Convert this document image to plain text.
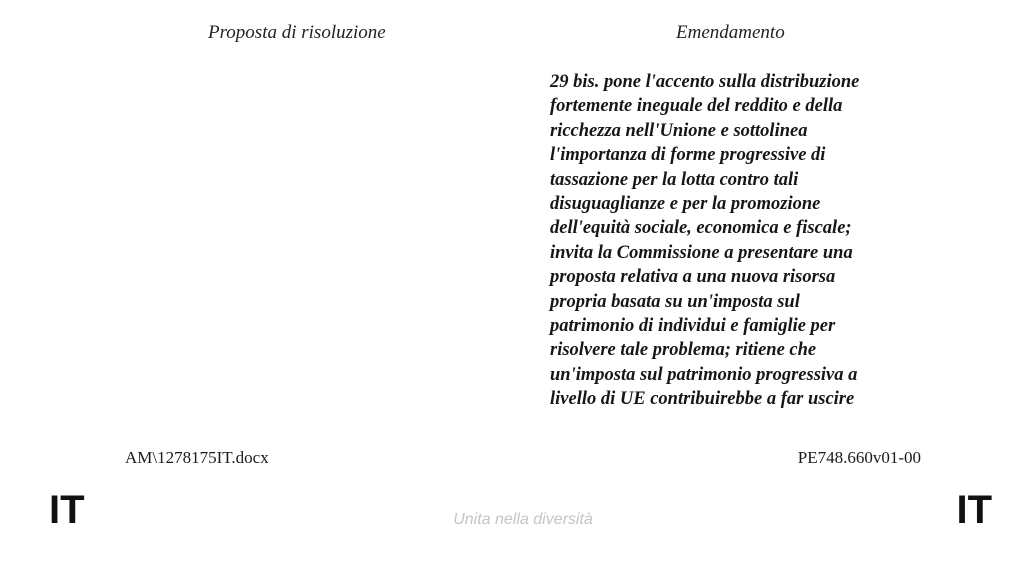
Proposta di risoluzione	Emendamento
29 bis. pone l'accento sulla distribuzione
fortemente ineguale del reddito e della
ricchezza nell'Unione e sottolinea
l'importanza di forme progressive di
tassazione per la lotta contro tali
disuguaglianze e per la promozione
dell'equità sociale, economica e fiscale;
invita la Commissione a presentare una
proposta relativa a una nuova risorsa
propria basata su un'imposta sul
patrimonio di individui e famiglie per
risolvere tale problema; ritiene che
un'imposta sul patrimonio progressiva a
livello di UE contribuirebbe a far uscire
AM\1278175IT.docx	PE748.660v01-00
IT	Unita nella diversità	IT
